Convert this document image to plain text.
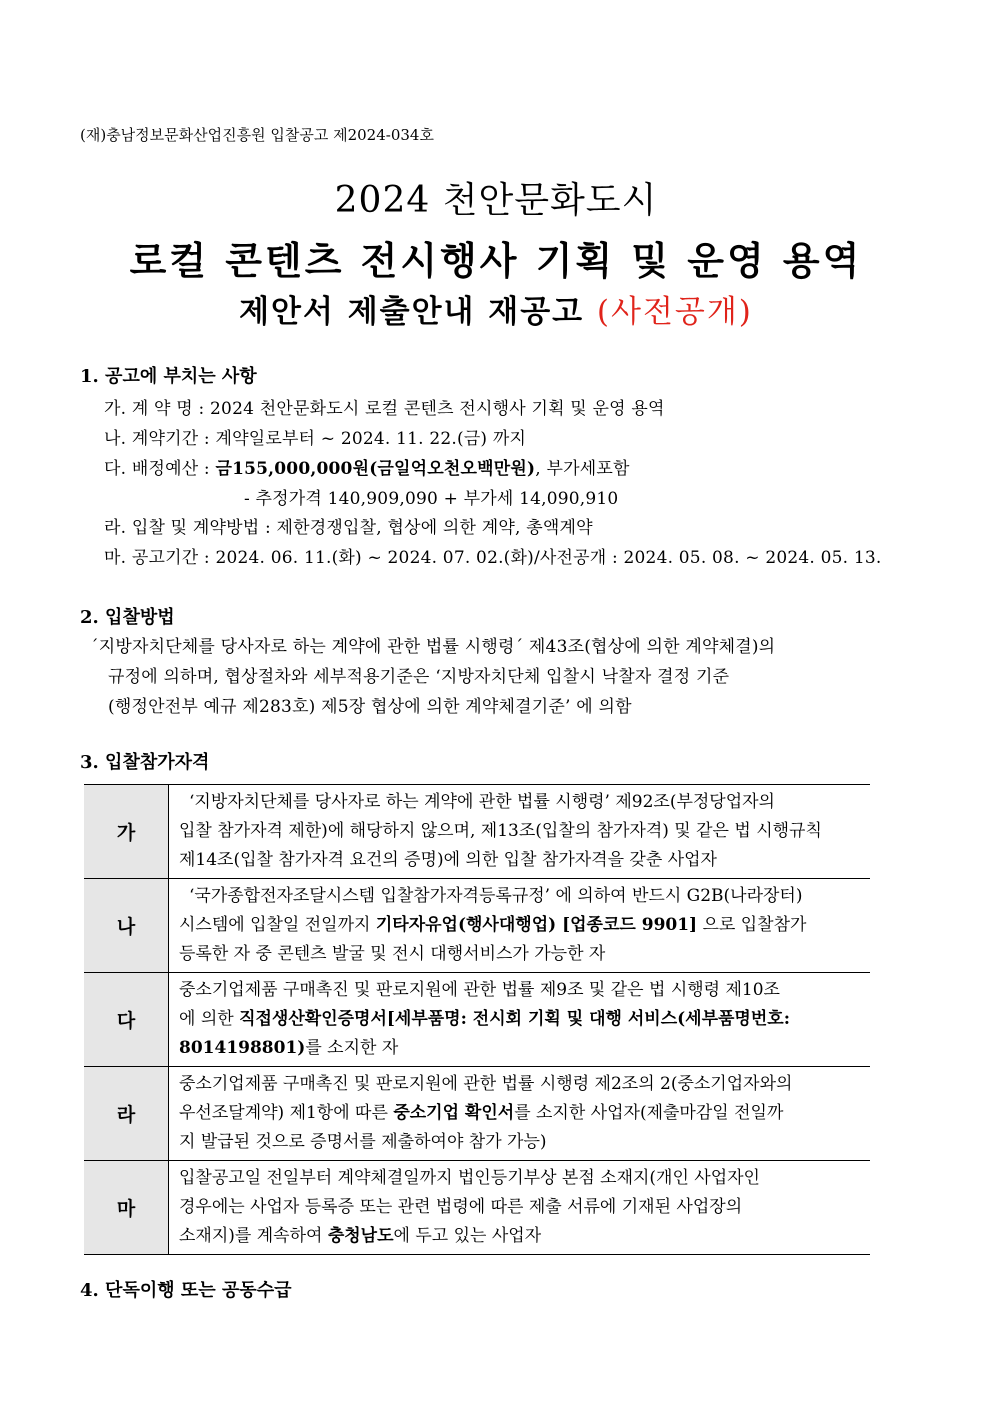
(재)충남정보문화산업진흥원 입찰공고 제2024-034호
2024 천안문화도시
로컬 콘텐츠 전시행사 기획 및 운영 용역
제안서 제출안내 재공고 (사전공개)
1. 공고에 부치는 사항
가. 계 약 명 : 2024 천안문화도시 로컬 콘텐츠 전시행사 기획 및 운영 용역
나. 계약기간 : 계약일로부터 ~ 2024. 11. 22.(금) 까지
다. 배정예산 : 금155,000,000원(금일억오천오백만원), 부가세포함
- 추정가격 140,909,090 + 부가세 14,090,910
라. 입찰 및 계약방법 : 제한경쟁입찰, 협상에 의한 계약, 총액계약
마. 공고기간 : 2024. 06. 11.(화) ~ 2024. 07. 02.(화)/사전공개 : 2024. 05. 08. ~ 2024. 05. 13.
2. 입찰방법
´지방자치단체를 당사자로 하는 계약에 관한 법률 시행령´ 제43조(협상에 의한 계약체결)의
규정에 의하며, 협상절차와 세부적용기준은 ‘지방자치단체 입찰시 낙찰자 결정 기준
(행정안전부 예규 제283호) 제5장 협상에 의한 계약체결기준’ 에 의함
3. 입찰참가자격
가	‘지방자치단체를 당사자로 하는 계약에 관한 법률 시행령’ 제92조(부정당업자의
입찰 참가자격 제한)에 해당하지 않으며, 제13조(입찰의 참가자격) 및 같은 법 시행규칙
제14조(입찰 참가자격 요건의 증명)에 의한 입찰 참가자격을 갖춘 사업자

나	‘국가종합전자조달시스템 입찰참가자격등록규정’ 에 의하여 반드시 G2B(나라장터)
시스템에 입찰일 전일까지 기타자유업(행사대행업) [업종코드 9901] 으로 입찰참가
등록한 자 중 콘텐츠 발굴 및 전시 대행서비스가 가능한 자

다	중소기업제품 구매촉진 및 판로지원에 관한 법률 제9조 및 같은 법 시행령 제10조
에 의한 직접생산확인증명서[세부품명: 전시회 기획 및 대행 서비스(세부품명번호:
8014198801)를 소지한 자

라	중소기업제품 구매촉진 및 판로지원에 관한 법률 시행령 제2조의 2(중소기업자와의
우선조달계약) 제1항에 따른 중소기업 확인서를 소지한 사업자(제출마감일 전일까
지 발급된 것으로 증명서를 제출하여야 참가 가능)

마	입찰공고일 전일부터 계약체결일까지 법인등기부상 본점 소재지(개인 사업자인
경우에는 사업자 등록증 또는 관련 법령에 따른 제출 서류에 기재된 사업장의
소재지)를 계속하여 충청남도에 두고 있는 사업자
4. 단독이행 또는 공동수급
